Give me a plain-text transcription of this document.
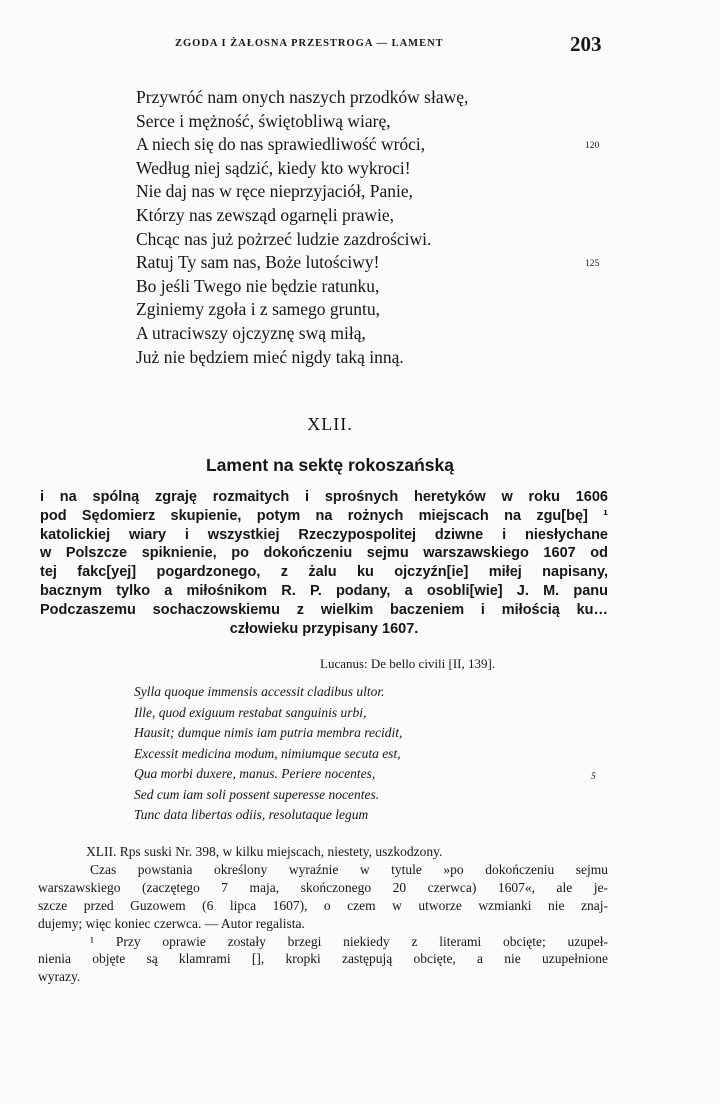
ZGODA I ŻAŁOSNA PRZESTROGA — LAMENT	203
Przywróć nam onych naszych przodków sławę,
Serce i mężność, świętobliwą wiarę,
A niech się do nas sprawiedliwość wróci,	120
Według niej sądzić, kiedy kto wykroci!
Nie daj nas w ręce nieprzyjaciół, Panie,
Którzy nas zewsząd ogarnęli prawie,
Chcąc nas już pożrzeć ludzie zazdrościwi.
Ratuj Ty sam nas, Boże lutościwy!	125
Bo jeśli Twego nie będzie ratunku,
Zginiemy zgoła i z samego gruntu,
A utraciwszy ojczyznę swą miłą,
Już nie będziem mieć nigdy taką inną.
XLII.
Lament na sektę rokoszańską
i na spólną zgraję rozmaitych i sprośnych heretyków w roku 1606
pod Sędomierz skupienie, potym na rożnych miejscach na zgu[bę] ¹
katolickiej wiary i wszystkiej Rzeczypospolitej dziwne i niesłychane
w Polszcze spiknienie, po dokończeniu sejmu warszawskiego 1607 od
tej fakc[yej] pogardzonego, z żalu ku ojczyźn[ie] miłej napisany,
bacznym tylko a miłośnikom R. P. podany, a osobli[wie] J. M. panu
Podczaszemu sochaczowskiemu z wielkim baczeniem i miłością ku…
człowieku przypisany 1607.
Lucanus: De bello civili [II, 139].
Sylla quoque immensis accessit cladibus ultor.
Ille, quod exiguum restabat sanguinis urbi,
Hausit; dumque nimis iam putria membra recidit,
Excessit medicina modum, nimiumque secuta est,
Qua morbi duxere, manus. Periere nocentes,	5
Sed cum iam soli possent superesse nocentes.
Tunc data libertas odiis, resolutaque legum
XLII. Rps suski Nr. 398, w kilku miejscach, niestety, uszkodzony.
Czas powstania określony wyraźnie w tytule »po dokończeniu sejmu
warszawskiego (zaczętego 7 maja, skończonego 20 czerwca) 1607«, ale je-
szcze przed Guzowem (6 lipca 1607), o czem w utworze wzmianki nie znaj-
dujemy; więc koniec czerwca. — Autor regalista.
¹ Przy oprawie zostały brzegi niekiedy z literami obcięte; uzupeł-
nienia objęte są klamrami [], kropki zastępują obcięte, a nie uzupełnione
wyrazy.
